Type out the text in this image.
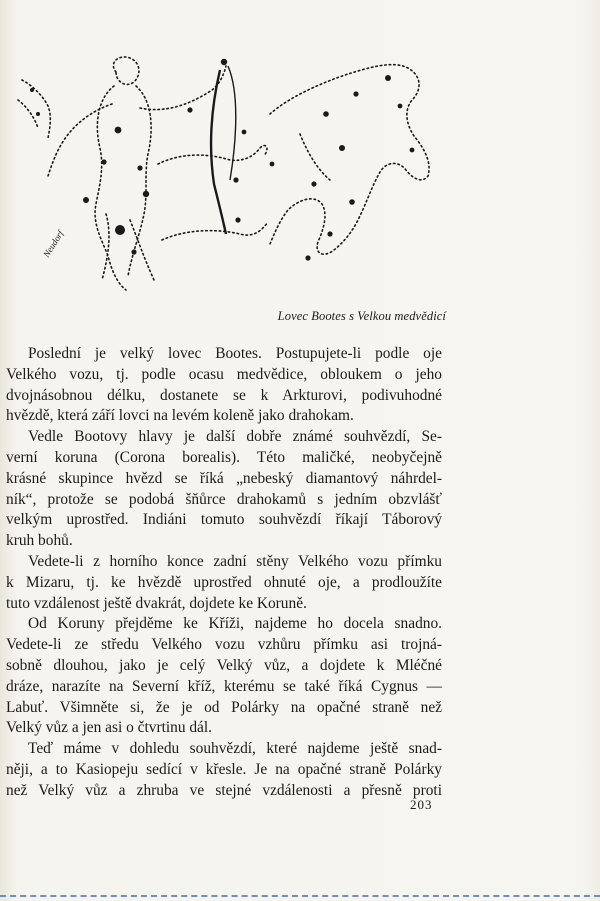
Neudorf
Lovec Bootes s Velkou medvědicí

Poslední je velký lovec Bootes. Postupujete-li podle oje
Velkého vozu, tj. podle ocasu medvědice, obloukem o jeho
dvojnásobnou délku, dostanete se k Arkturovi, podivuhodné
hvězdě, která září lovci na levém koleně jako drahokam.

Vedle Bootovy hlavy je další dobře známé souhvězdí, Se-
verní koruna (Corona borealis). Této maličké, neobyčejně
krásné skupince hvězd se říká „nebeský diamantový náhrdel-
ník“, protože se podobá šňůrce drahokamů s jedním obzvlášť
velkým uprostřed. Indiáni tomuto souhvězdí říkají Táborový
kruh bohů.

Vedete-li z horního konce zadní stěny Velkého vozu přímku
k Mizaru, tj. ke hvězdě uprostřed ohnuté oje, a prodloužíte
tuto vzdálenost ještě dvakrát, dojdete ke Koruně.

Od Koruny přejděme ke Kříži, najdeme ho docela snadno.
Vedete-li ze středu Velkého vozu vzhůru přímku asi trojná-
sobně dlouhou, jako je celý Velký vůz, a dojdete k Mléčné
dráze, narazíte na Severní kříž, kterému se také říká Cygnus —
Labuť. Všimněte si, že je od Polárky na opačné straně než
Velký vůz a jen asi o čtvrtinu dál.

Teď máme v dohledu souhvězdí, které najdeme ještě snad-
něji, a to Kasiopeju sedící v křesle. Je na opačné straně Polárky
než Velký vůz a zhruba ve stejné vzdálenosti a přesně proti

203
